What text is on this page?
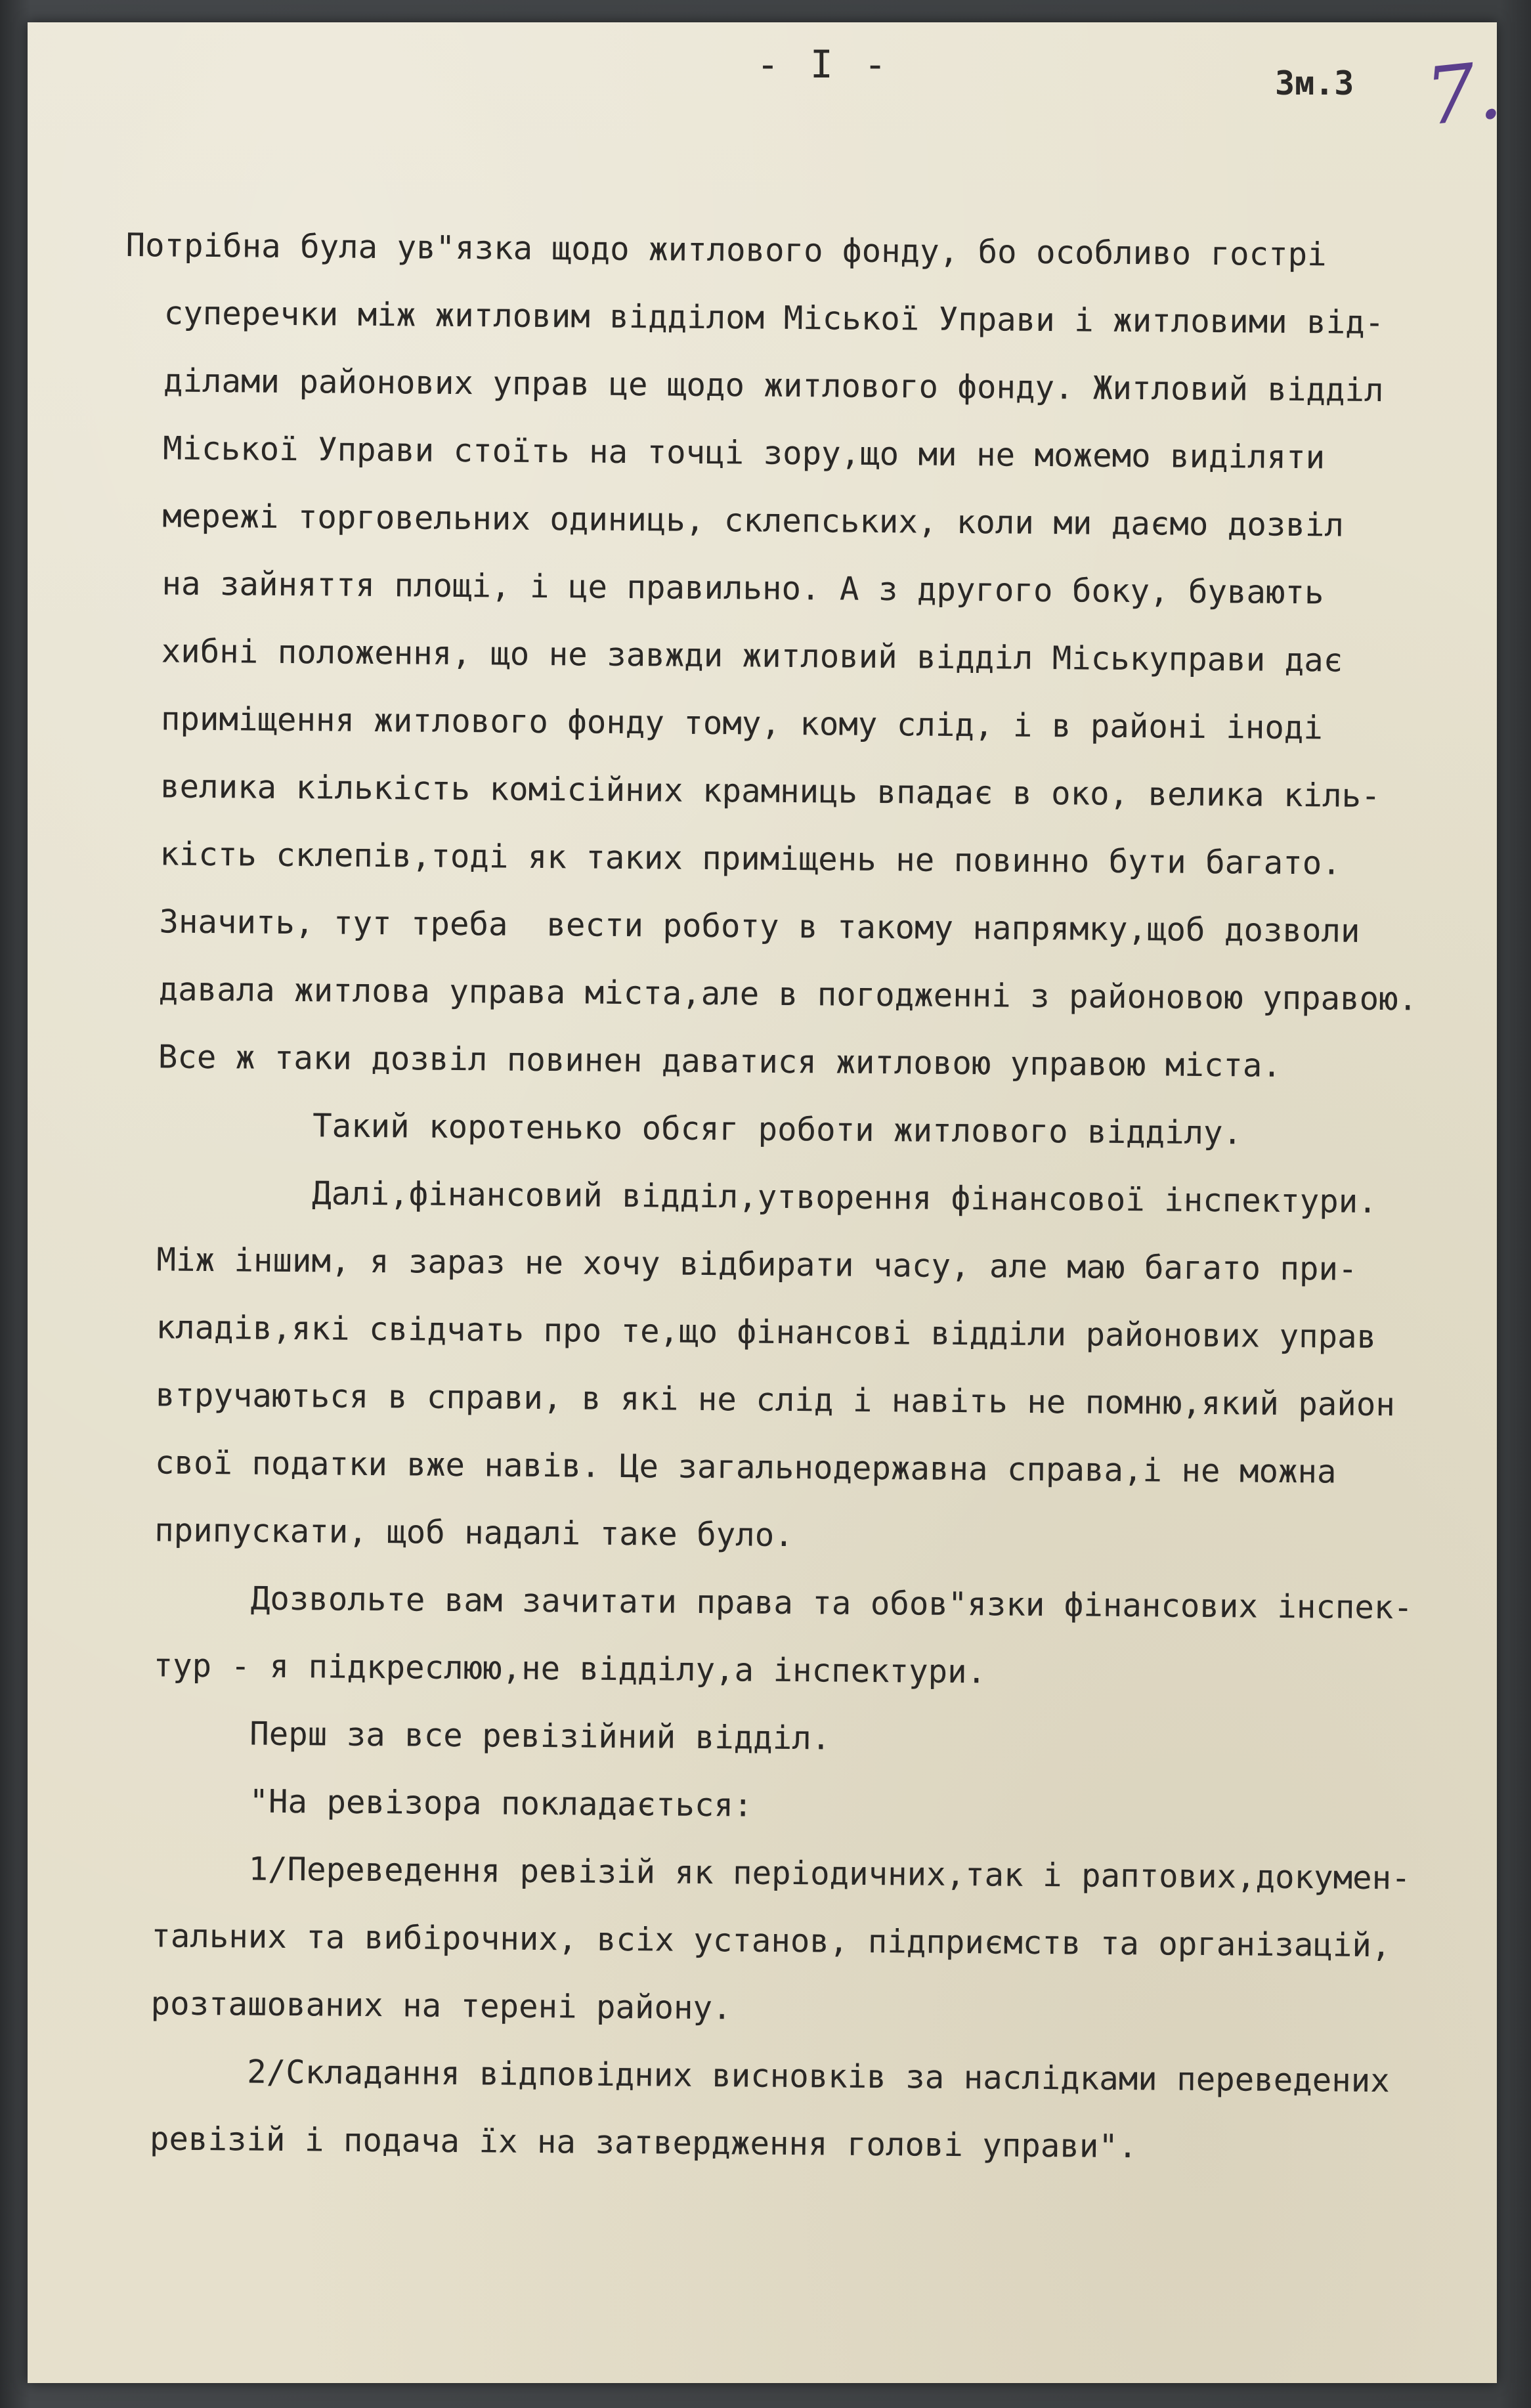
- I -	Зм.3 7.

Потрібна була ув"язка щодо житлового фонду, бо особливо гострі
суперечки між житловим відділом Міської Управи і житловими від-
ділами районових управ це щодо житлового фонду. Житловий відділ
Міської Управи стоїть на точці зору,що ми не можемо виділяти
мережі торговельних одиниць, склепських, коли ми даємо дозвіл
на зайняття площі, і це правильно. А з другого боку, бувають
хибні положення, що не завжди житловий відділ Міськуправи дає
приміщення житлового фонду тому, кому слід, і в районі іноді
велика кількість комісійних крамниць впадає в око, велика кіль-
кість склепів,тоді як таких приміщень не повинно бути багато.
Значить, тут треба  вести роботу в такому напрямку,щоб дозволи
давала житлова управа міста,але в погодженні з районовою управою.
Все ж таки дозвіл повинен даватися житловою управою міста.

Такий коротенько обсяг роботи житлового відділу.

Далі,фінансовий відділ,утворення фінансової інспектури.
Між іншим, я зараз не хочу відбирати часу, але маю багато при-
кладів,які свідчать про те,що фінансові відділи районових управ
втручаються в справи, в які не слід і навіть не помню,який район
свої податки вже навів. Це загальнодержавна справа,і не можна
припускати, щоб надалі таке було.

Дозвольте вам зачитати права та обов"язки фінансових інспек-
тур - я підкреслюю,не відділу,а інспектури.

Перш за все ревізійний відділ.

"На ревізора покладається:

1/Переведення ревізій як періодичних,так і раптових,докумен-
тальних та вибірочних, всіх установ, підприємств та організацій,
розташованих на терені району.

2/Складання відповідних висновків за наслідками переведених
ревізій і подача їх на затвердження голові управи".
